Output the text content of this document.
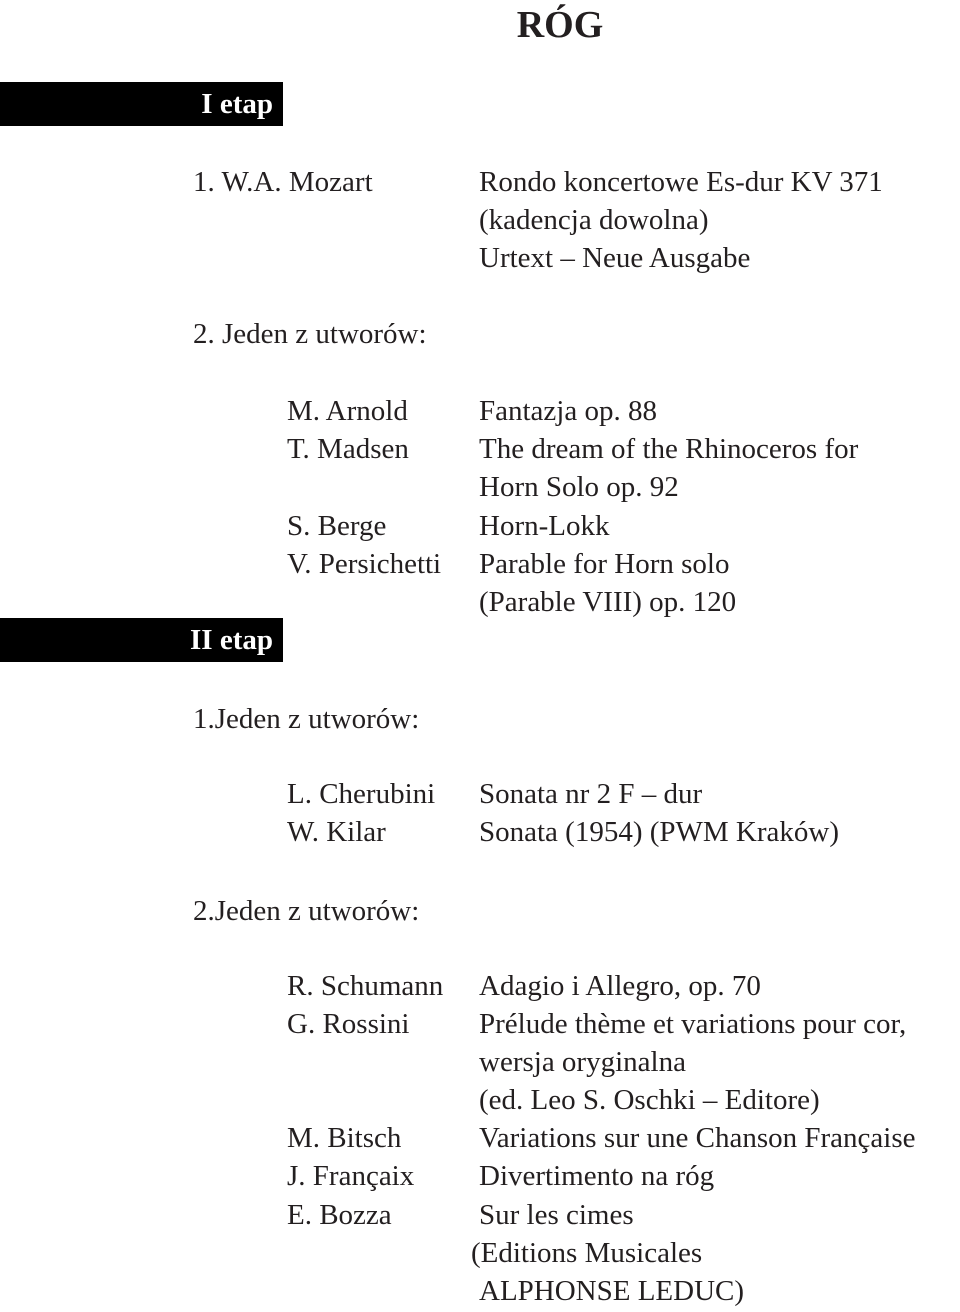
RÓG
I etap
1. W.A. Mozart	Rondo koncertowe Es-dur KV 371
(kadencja dowolna)
Urtext – Neue Ausgabe
2. Jeden z utworów:
M. Arnold Fantazja op. 88
T. Madsen The dream of the Rhinoceros for
Horn Solo op. 92
S. Berge	Horn-Lokk
V. Persichetti Parable for Horn solo
(Parable VIII) op. 120
II etap
1.Jeden z utworów:
L. Cherubini Sonata nr 2 F – dur
W. Kilar	Sonata (1954) (PWM Kraków)
2.Jeden z utworów:
R. Schumann Adagio i Allegro, op. 70
G. Rossini Prélude thème et variations pour cor,
wersja oryginalna
(ed. Leo S. Oschki – Editore)
M. Bitsch	Variations sur une Chanson Française
J. Françaix Divertimento na róg
E. Bozza	Sur les cimes
(Editions Musicales
ALPHONSE LEDUC)
